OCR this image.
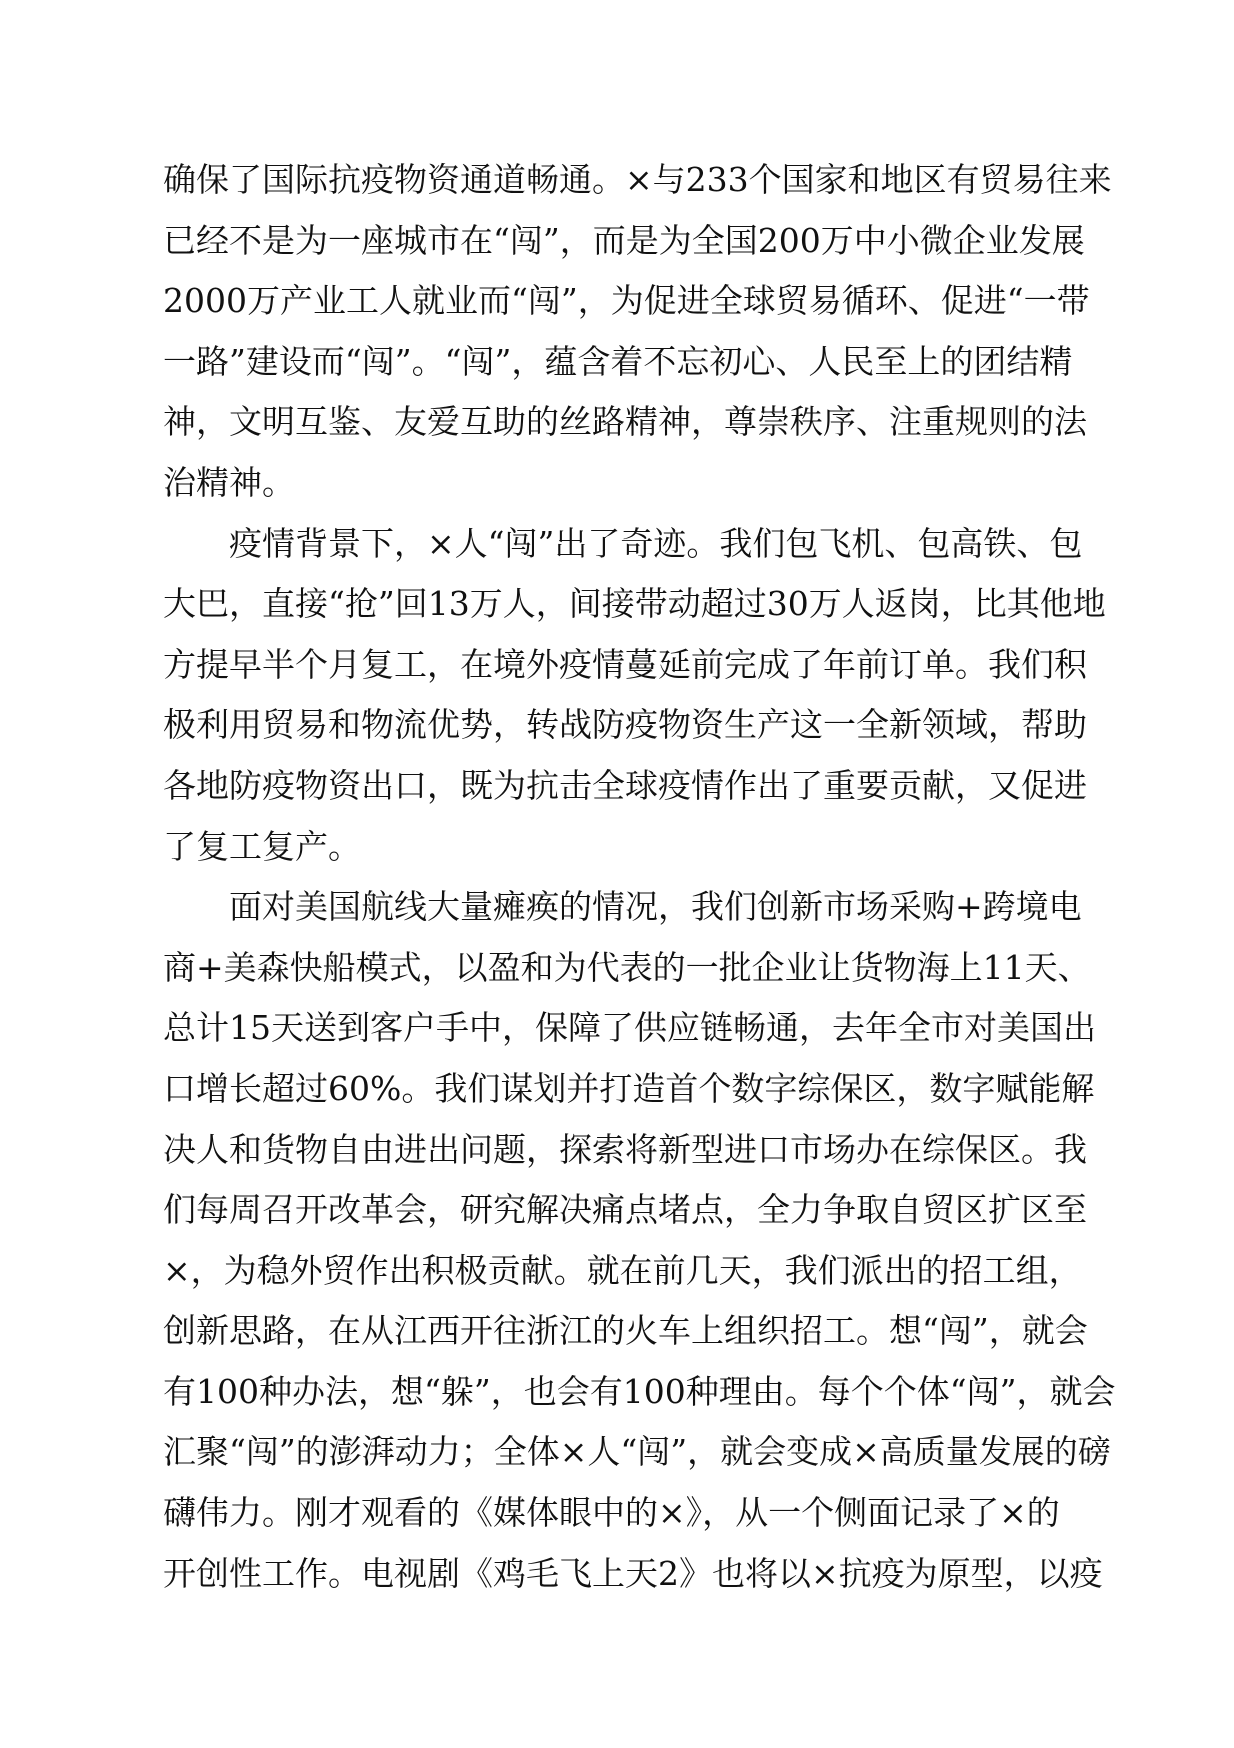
确保了国际抗疫物资通道畅通。×与233个国家和地区有贸易往来
已经不是为一座城市在“闯”，而是为全国200万中小微企业发展
2000万产业工人就业而“闯”，为促进全球贸易循环、促进“一带
一路”建设而“闯”。“闯”，蕴含着不忘初心、人民至上的团结精
神，文明互鉴、友爱互助的丝路精神，尊崇秩序、注重规则的法
治精神。
疫情背景下，×人“闯”出了奇迹。我们包飞机、包高铁、包
大巴，直接“抢”回13万人，间接带动超过30万人返岗，比其他地
方提早半个月复工，在境外疫情蔓延前完成了年前订单。我们积
极利用贸易和物流优势，转战防疫物资生产这一全新领域，帮助
各地防疫物资出口，既为抗击全球疫情作出了重要贡献，又促进
了复工复产。
面对美国航线大量瘫痪的情况，我们创新市场采购+跨境电
商+美森快船模式，以盈和为代表的一批企业让货物海上11天、
总计15天送到客户手中，保障了供应链畅通，去年全市对美国出
口增长超过60%。我们谋划并打造首个数字综保区，数字赋能解
决人和货物自由进出问题，探索将新型进口市场办在综保区。我
们每周召开改革会，研究解决痛点堵点，全力争取自贸区扩区至
×，为稳外贸作出积极贡献。就在前几天，我们派出的招工组，
创新思路，在从江西开往浙江的火车上组织招工。想“闯”，就会
有100种办法，想“躲”，也会有100种理由。每个个体“闯”，就会
汇聚“闯”的澎湃动力；全体×人“闯”，就会变成×高质量发展的磅
礴伟力。刚才观看的《媒体眼中的×》，从一个侧面记录了×的
开创性工作。电视剧《鸡毛飞上天2》也将以×抗疫为原型，以疫
